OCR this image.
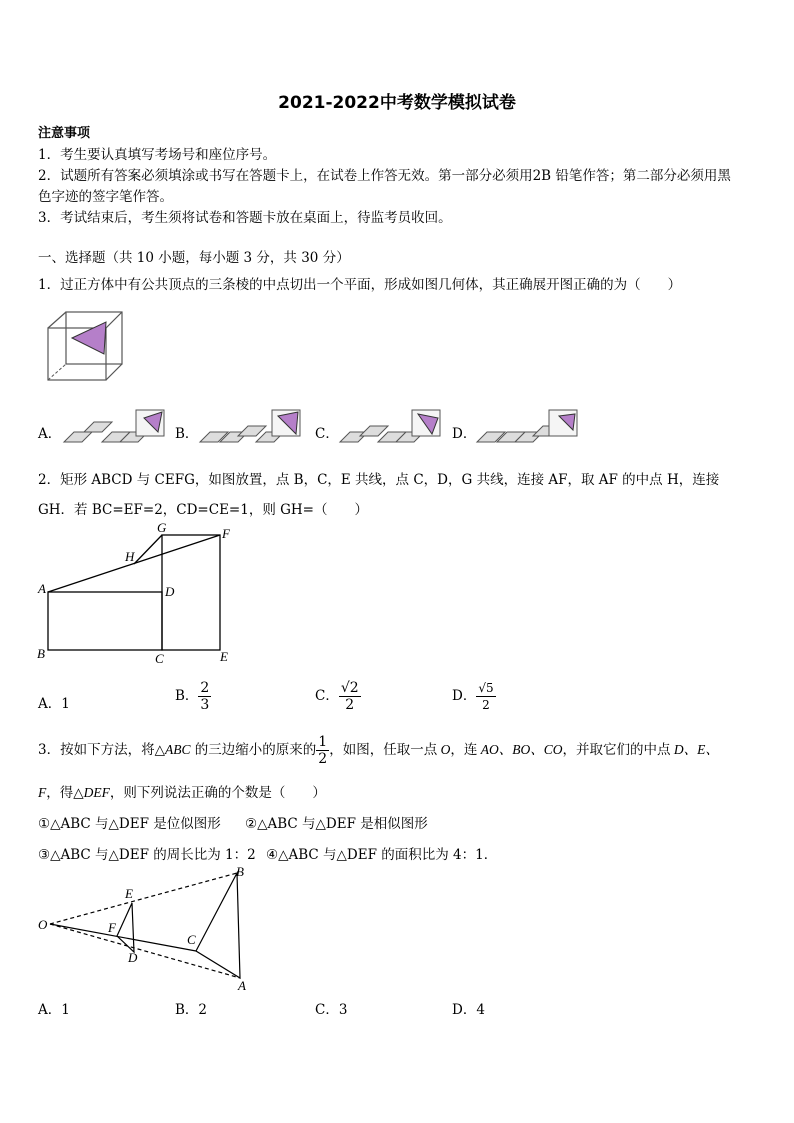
2021-2022中考数学模拟试卷
注意事项
1．考生要认真填写考场号和座位序号。
2．试题所有答案必须填涂或书写在答题卡上，在试卷上作答无效。第一部分必须用2B 铅笔作答；第二部分必须用黑
色字迹的签字笔作答。
3．考试结束后，考生须将试卷和答题卡放在桌面上，待监考员收回。
一、选择题（共 10 小题，每小题 3 分，共 30 分）
1．过正方体中有公共顶点的三条棱的中点切出一个平面，形成如图几何体，其正确展开图正确的为（　　）
A．	B．	C．	D．
2．矩形 ABCD 与 CEFG，如图放置，点 B，C，E 共线，点 C，D，G 共线，连接 AF，取 AF 的中点 H，连接
GH．若 BC=EF=2，CD=CE=1，则 GH=（　　）
G	F
H
A	D
B	C	E
A．1	B． $\frac{2}{3}$	C． $\frac{√2}{2}$	D． $\frac{√5}{2}$
3．按如下方法，将△ABC 的三边缩小的原来的 $\frac{1}{2}$ ，如图，任取一点 O，连 AO、BO、CO，并取它们的中点 D、E、
F，得△DEF，则下列说法正确的个数是（　　）
①△ABC 与△DEF 是位似图形 ②△ABC 与△DEF 是相似图形
③△ABC 与△DEF 的周长比为 1：2 ④△ABC 与△DEF 的面积比为 4：1．
O
E
F
D
C
B
A
A．1	B．2	C．3	D．4
